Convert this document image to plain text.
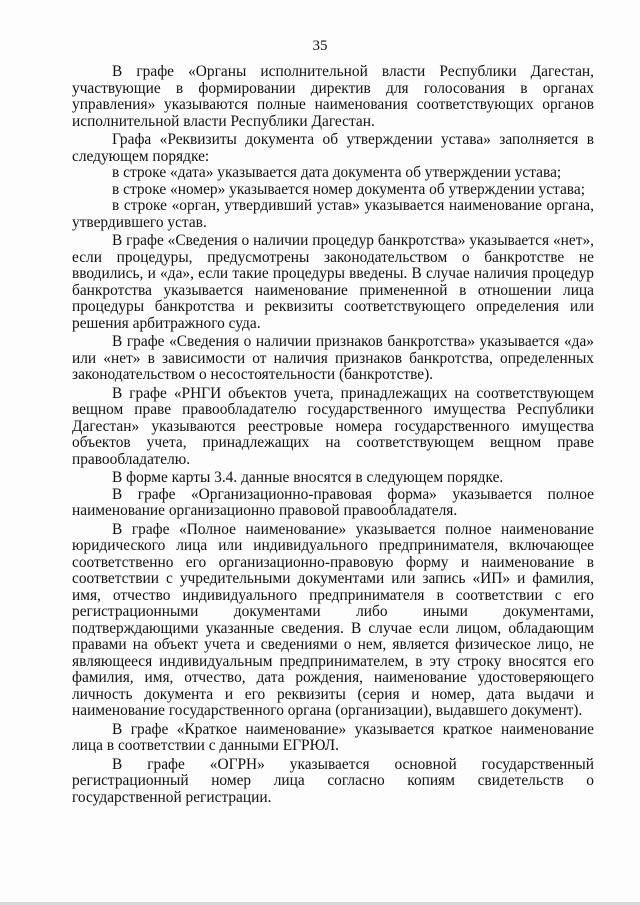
35

В графе «Органы исполнительной власти Республики Дагестан, участвующие в формировании директив для голосования в органах управления» указываются полные наименования соответствующих органов исполнительной власти Республики Дагестан.

Графа «Реквизиты документа об утверждении устава» заполняется в следующем порядке:

в строке «дата» указывается дата документа об утверждении устава;

в строке «номер» указывается номер документа об утверждении устава;

в строке «орган, утвердивший устав» указывается наименование органа, утвердившего устав.

В графе «Сведения о наличии процедур банкротства» указывается «нет», если процедуры, предусмотрены законодательством о банкротстве не вводились, и «да», если такие процедуры введены. В случае наличия процедур банкротства указывается наименование примененной в отношении лица процедуры банкротства и реквизиты соответствующего определения или решения арбитражного суда.

В графе «Сведения о наличии признаков банкротства» указывается «да» или «нет» в зависимости от наличия признаков банкротства, определенных законодательством о несостоятельности (банкротстве).

В графе «РНГИ объектов учета, принадлежащих на соответствующем вещном праве правообладателю государственного имущества Республики Дагестан» указываются реестровые номера государственного имущества объектов учета, принадлежащих на соответствующем вещном праве правообладателю.

В форме карты 3.4. данные вносятся в следующем порядке.

В графе «Организационно-правовая форма» указывается полное наименование организационно правовой правообладателя.

В графе «Полное наименование» указывается полное наименование юридического лица или индивидуального предпринимателя, включающее соответственно его организационно-правовую форму и наименование в соответствии с учредительными документами или запись «ИП» и фамилия, имя, отчество индивидуального предпринимателя в соответствии с его регистрационными документами либо иными документами, подтверждающими указанные сведения. В случае если лицом, обладающим правами на объект учета и сведениями о нем, является физическое лицо, не являющееся индивидуальным предпринимателем, в эту строку вносятся его фамилия, имя, отчество, дата рождения, наименование удостоверяющего личность документа и его реквизиты (серия и номер, дата выдачи и наименование государственного органа (организации), выдавшего документ).

В графе «Краткое наименование» указывается краткое наименование лица в соответствии с данными ЕГРЮЛ.

В графе «ОГРН» указывается основной государственный регистрационный номер лица согласно копиям свидетельств о государственной регистрации.
